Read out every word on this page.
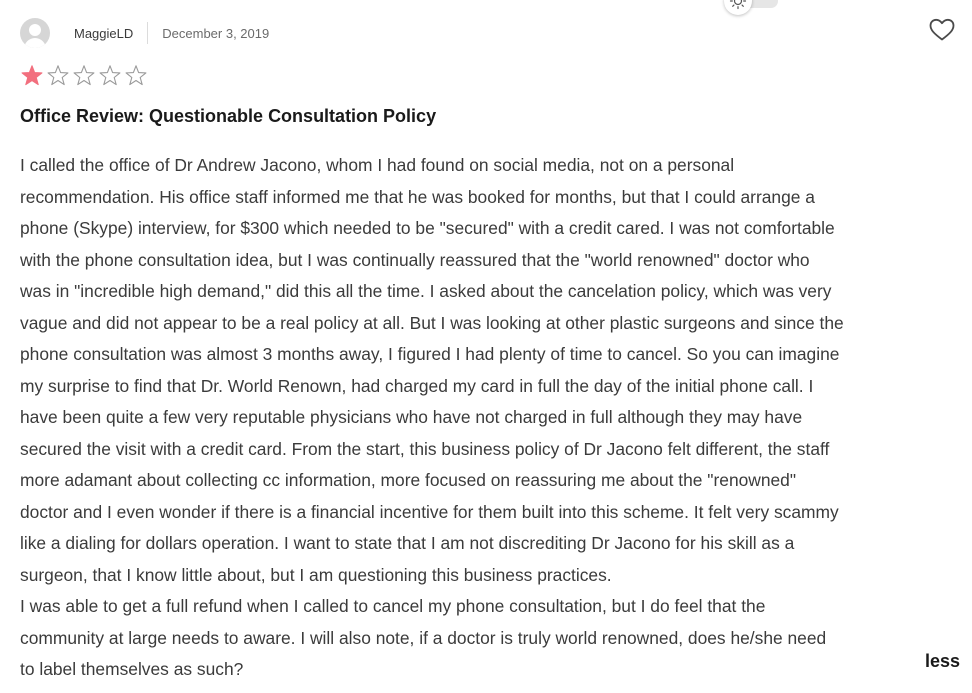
MaggieLD December 3, 2019
Office Review: Questionable Consultation Policy
I called the office of Dr Andrew Jacono, whom I had found on social media, not on a personal
recommendation. His office staff informed me that he was booked for months, but that I could arrange a
phone (Skype) interview, for $300 which needed to be "secured" with a credit cared. I was not comfortable
with the phone consultation idea, but I was continually reassured that the "world renowned" doctor who
was in "incredible high demand," did this all the time. I asked about the cancelation policy, which was very
vague and did not appear to be a real policy at all. But I was looking at other plastic surgeons and since the
phone consultation was almost 3 months away, I figured I had plenty of time to cancel. So you can imagine
my surprise to find that Dr. World Renown, had charged my card in full the day of the initial phone call. I
have been quite a few very reputable physicians who have not charged in full although they may have
secured the visit with a credit card. From the start, this business policy of Dr Jacono felt different, the staff
more adamant about collecting cc information, more focused on reassuring me about the "renowned"
doctor and I even wonder if there is a financial incentive for them built into this scheme. It felt very scammy
like a dialing for dollars operation. I want to state that I am not discrediting Dr Jacono for his skill as a
surgeon, that I know little about, but I am questioning this business practices.
I was able to get a full refund when I called to cancel my phone consultation, but I do feel that the
community at large needs to aware. I will also note, if a doctor is truly world renowned, does he/she need
to label themselves as such?	less
